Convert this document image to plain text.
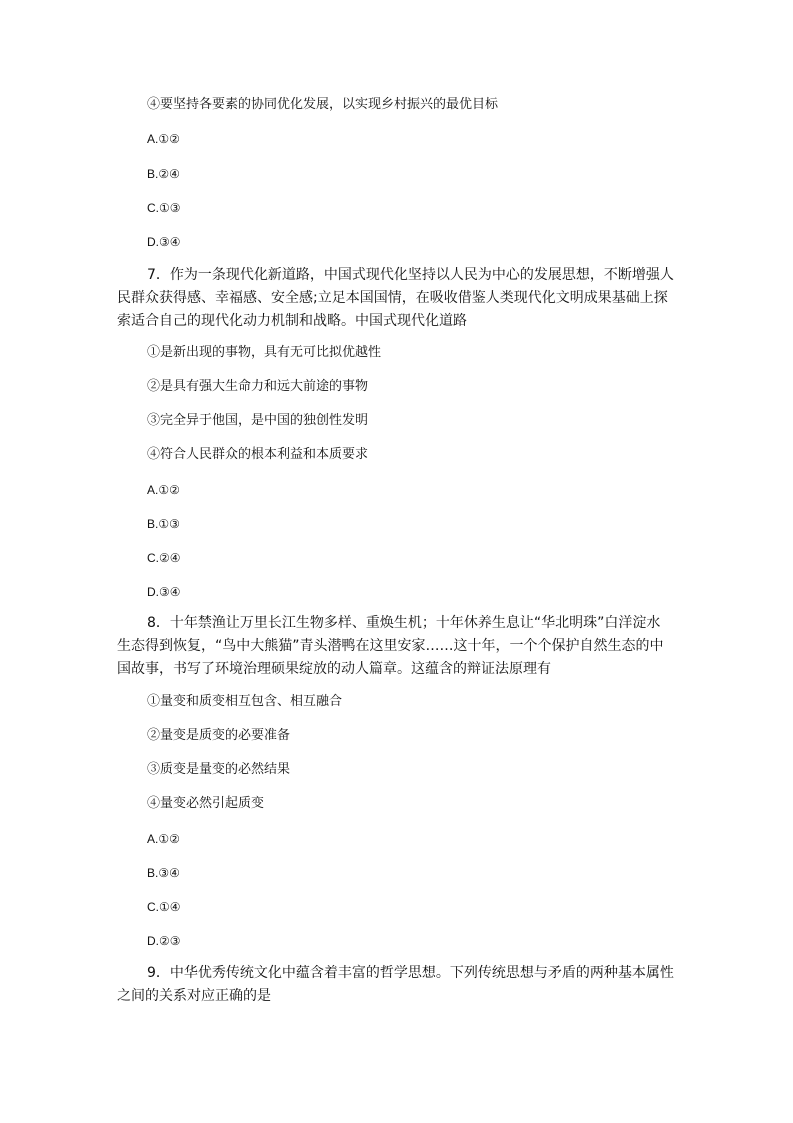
④要坚持各要素的协同优化发展，以实现乡村振兴的最优目标
A.①②
B.②④
C.①③
D.③④
7．作为一条现代化新道路，中国式现代化坚持以人民为中心的发展思想，不断增强人
民群众获得感、幸福感、安全感;立足本国国情，在吸收借鉴人类现代化文明成果基础上探
索适合自己的现代化动力机制和战略。中国式现代化道路
①是新出现的事物，具有无可比拟优越性
②是具有强大生命力和远大前途的事物
③完全异于他国，是中国的独创性发明
④符合人民群众的根本利益和本质要求
A.①②
B.①③
C.②④
D.③④
8．十年禁渔让万里长江生物多样、重焕生机；十年休养生息让“华北明珠”白洋淀水
生态得到恢复，“鸟中大熊猫”青头潜鸭在这里安家……这十年，一个个保护自然生态的中
国故事，书写了环境治理硕果绽放的动人篇章。这蕴含的辩证法原理有
①量变和质变相互包含、相互融合
②量变是质变的必要准备
③质变是量变的必然结果
④量变必然引起质变
A.①②
B.③④
C.①④
D.②③
9．中华优秀传统文化中蕴含着丰富的哲学思想。下列传统思想与矛盾的两种基本属性
之间的关系对应正确的是
